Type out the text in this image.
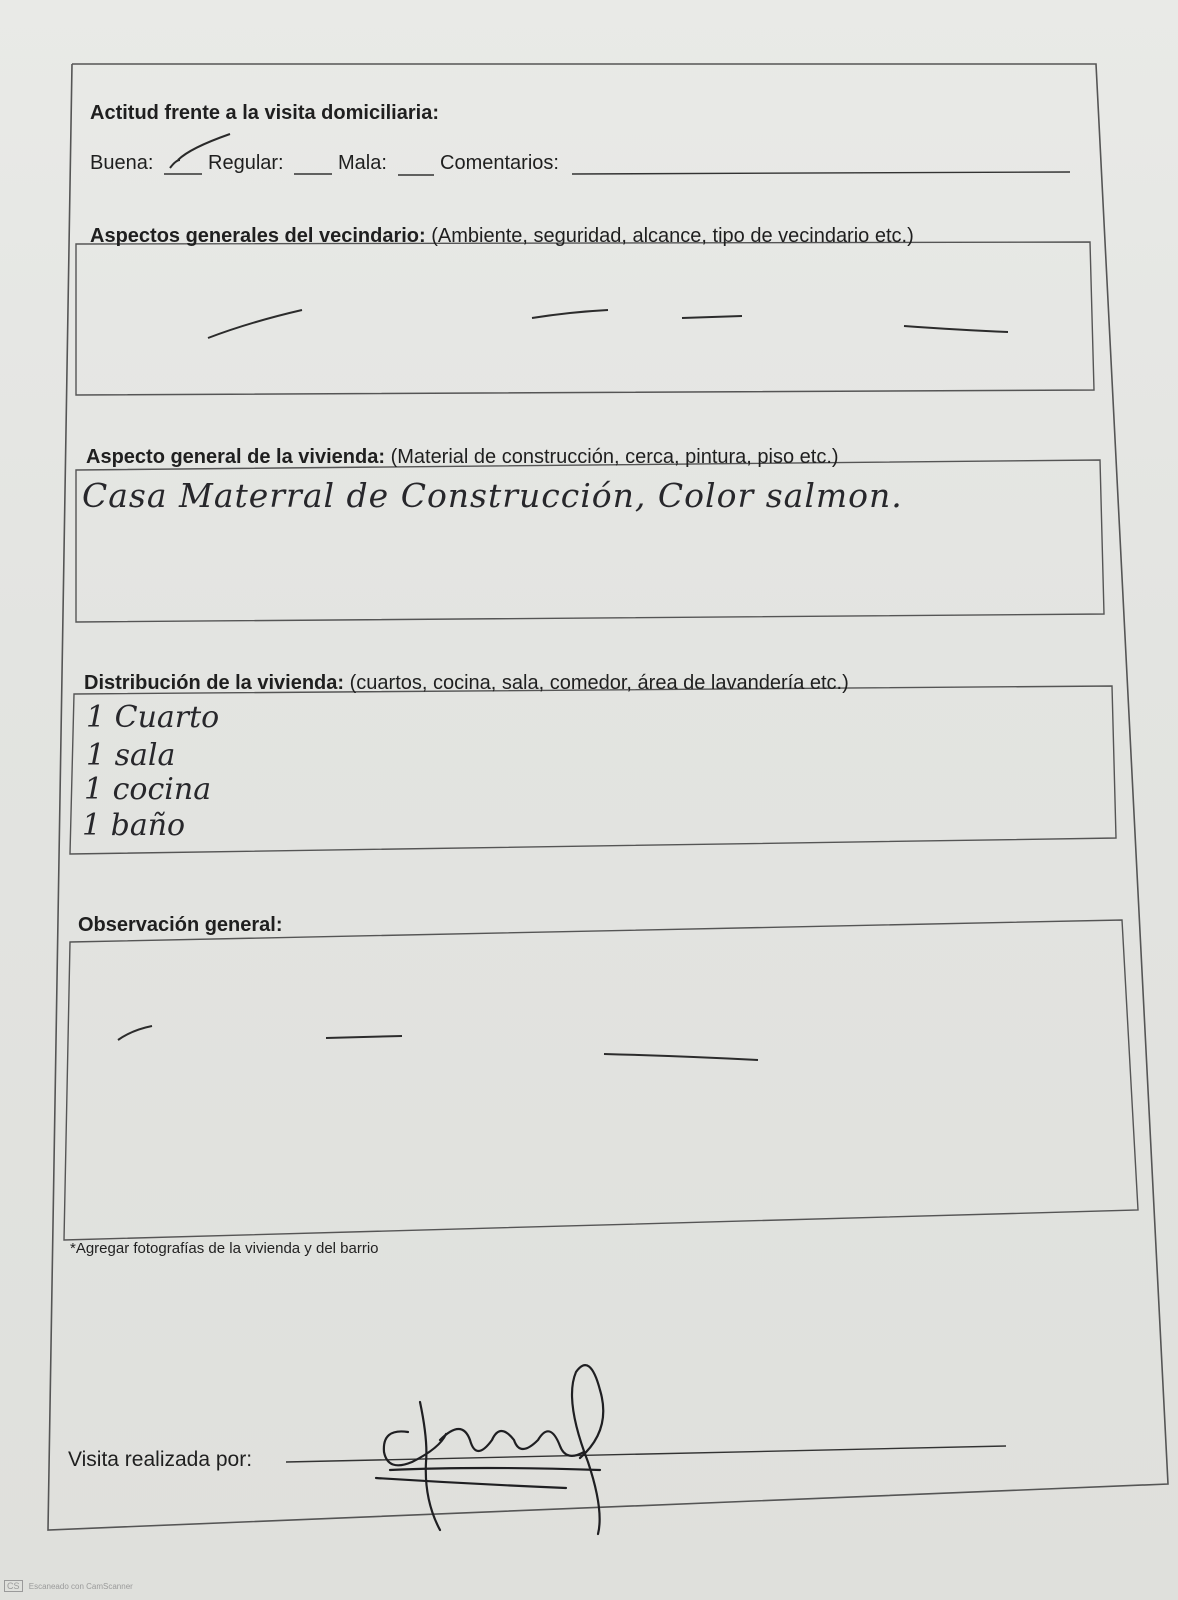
Actitud frente a la visita domiciliaria:
Buena:	Regular:	Mala:	Comentarios:
Aspectos generales del vecindario: (Ambiente, seguridad, alcance, tipo de vecindario etc.)
Aspecto general de la vivienda: (Material de construcción, cerca, pintura, piso etc.)
Casa Materral de Construcción, Color salmon.
Distribución de la vivienda: (cuartos, cocina, sala, comedor, área de lavandería etc.)
1 Cuarto
1 sala
1 cocina
1 baño
Observación general:
*Agregar fotografías de la vivienda y del barrio
Visita realizada por:
CS Escaneado con CamScanner
